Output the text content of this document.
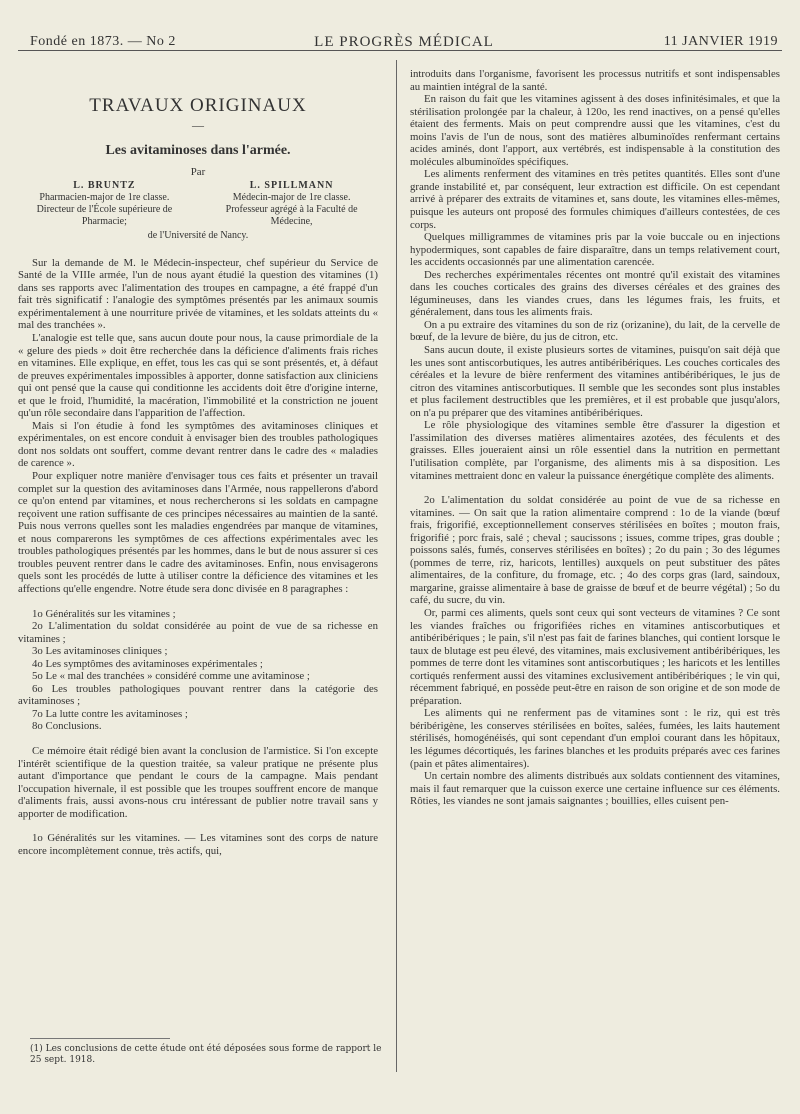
Fondé en 1873. — No 2	LE PROGRÈS MÉDICAL	11 JANVIER 1919
TRAVAUX ORIGINAUX
—
Les avitaminoses dans l'armée.
Par
L. BRUNTZ
Pharmacien-major de 1re classe.
Directeur de l'École supérieure de Pharmacie;
L. SPILLMANN
Médecin-major de 1re classe.
Professeur agrégé à la Faculté de Médecine,
de l'Université de Nancy.

Sur la demande de M. le Médecin-inspecteur, chef supérieur du Service de Santé de la VIIIe armée, l'un de nous ayant étudié la question des vitamines (1) dans ses rapports avec l'alimentation des troupes en campagne, a été frappé d'un fait très significatif : l'analogie des symptômes présentés par les animaux soumis expérimentalement à une nourriture privée de vitamines, et les soldats atteints du « mal des tranchées ».

L'analogie est telle que, sans aucun doute pour nous, la cause primordiale de la « gelure des pieds » doit être recherchée dans la déficience d'aliments frais riches en vitamines. Elle explique, en effet, tous les cas qui se sont présentés, et, à défaut de preuves expérimentales impossibles à apporter, donne satisfaction aux cliniciens qui ont pensé que la cause qui conditionne les accidents doit être d'origine interne, et que le froid, l'humidité, la macération, l'immobilité et la constriction ne jouent qu'un rôle secondaire dans l'apparition de l'affection.

Mais si l'on étudie à fond les symptômes des avitaminoses cliniques et expérimentales, on est encore conduit à envisager bien des troubles pathologiques dont nos soldats ont souffert, comme devant rentrer dans le cadre des « maladies de carence ».

Pour expliquer notre manière d'envisager tous ces faits et présenter un travail complet sur la question des avitaminoses dans l'Armée, nous rappellerons d'abord ce qu'on entend par vitamines, et nous rechercherons si les soldats en campagne reçoivent une ration suffisante de ces principes nécessaires au maintien de la santé. Puis nous verrons quelles sont les maladies engendrées par manque de vitamines, et nous comparerons les symptômes de ces affections expérimentales avec les troubles pathologiques présentés par les hommes, dans le but de nous assurer si ces troubles peuvent rentrer dans le cadre des avitaminoses. Enfin, nous envisagerons quels sont les procédés de lutte à utiliser contre la déficience des vitamines et les affections qu'elle engendre. Notre étude sera donc divisée en 8 paragraphes :

1o Généralités sur les vitamines ;

2o L'alimentation du soldat considérée au point de vue de sa richesse en vitamines ;

3o Les avitaminoses cliniques ;

4o Les symptômes des avitaminoses expérimentales ;

5o Le « mal des tranchées » considéré comme une avitaminose ;

6o Les troubles pathologiques pouvant rentrer dans la catégorie des avitaminoses ;

7o La lutte contre les avitaminoses ;

8o Conclusions.

Ce mémoire était rédigé bien avant la conclusion de l'armistice. Si l'on excepte l'intérêt scientifique de la question traitée, sa valeur pratique ne présente plus autant d'importance que pendant le cours de la campagne. Mais pendant l'occupation hivernale, il est possible que les troupes souffrent encore de manque d'aliments frais, aussi avons-nous cru intéressant de publier notre travail sans y apporter de modification.

1o Généralités sur les vitamines. — Les vitamines sont des corps de nature encore incomplètement connue, très actifs, qui,

(1) Les conclusions de cette étude ont été déposées sous forme de rapport le 25 sept. 1918.

introduits dans l'organisme, favorisent les processus nutritifs et sont indispensables au maintien intégral de la santé.

En raison du fait que les vitamines agissent à des doses infinitésimales, et que la stérilisation prolongée par la chaleur, à 120o, les rend inactives, on a pensé qu'elles étaient des ferments. Mais on peut comprendre aussi que les vitamines, c'est du moins l'avis de l'un de nous, sont des matières albuminoïdes renfermant certains acides aminés, dont l'apport, aux vertébrés, est indispensable à la constitution des molécules albuminoïdes spécifiques.

Les aliments renferment des vitamines en très petites quantités. Elles sont d'une grande instabilité et, par conséquent, leur extraction est difficile. On est cependant arrivé à préparer des extraits de vitamines et, sans doute, les vitamines elles-mêmes, puisque les auteurs ont proposé des formules chimiques d'ailleurs contestées, de ces corps.

Quelques milligrammes de vitamines pris par la voie buccale ou en injections hypodermiques, sont capables de faire disparaître, dans un temps relativement court, les accidents occasionnés par une alimentation carencée.

Des recherches expérimentales récentes ont montré qu'il existait des vitamines dans les couches corticales des grains des diverses céréales et des graines des légumineuses, dans les viandes crues, dans les légumes frais, les fruits, et généralement, dans tous les aliments frais.

On a pu extraire des vitamines du son de riz (orizanine), du lait, de la cervelle de bœuf, de la levure de bière, du jus de citron, etc.

Sans aucun doute, il existe plusieurs sortes de vitamines, puisqu'on sait déjà que les unes sont antiscorbutiques, les autres antibéribériques. Les couches corticales des céréales et la levure de bière renferment des vitamines antibéribériques, le jus de citron des vitamines antiscorbutiques. Il semble que les secondes sont plus instables et plus facilement destructibles que les premières, et il est probable que jusqu'alors, on n'a pu préparer que des vitamines antibéribériques.

Le rôle physiologique des vitamines semble être d'assurer la digestion et l'assimilation des diverses matières alimentaires azotées, des féculents et des graisses. Elles joueraient ainsi un rôle essentiel dans la nutrition en permettant l'utilisation complète, par l'organisme, des aliments mis à sa disposition. Les vitamines mettraient donc en valeur la puissance énergétique complète des aliments.

2o L'alimentation du soldat considérée au point de vue de sa richesse en vitamines. — On sait que la ration alimentaire comprend : 1o de la viande (bœuf frais, frigorifié, exceptionnellement conserves stérilisées en boîtes ; mouton frais, frigorifié ; porc frais, salé ; cheval ; saucissons ; issues, comme tripes, gras double ; poissons salés, fumés, conserves stérilisées en boîtes) ; 2o du pain ; 3o des légumes (pommes de terre, riz, haricots, lentilles) auxquels on peut substituer des pâtes alimentaires, de la confiture, du fromage, etc. ; 4o des corps gras (lard, saindoux, margarine, graisse alimentaire à base de graisse de bœuf et de beurre végétal) ; 5o du café, du sucre, du vin.

Or, parmi ces aliments, quels sont ceux qui sont vecteurs de vitamines ? Ce sont les viandes fraîches ou frigorifiées riches en vitamines antiscorbutiques et antibéribériques ; le pain, s'il n'est pas fait de farines blanches, qui contient lorsque le taux de blutage est peu élevé, des vitamines, mais exclusivement antibéribériques, les pommes de terre dont les vitamines sont antiscorbutiques ; les haricots et les lentilles cortiqués renferment aussi des vitamines exclusivement antibéribériques ; le vin qui, récemment fabriqué, en possède peut-être en raison de son origine et de son mode de préparation.

Les aliments qui ne renferment pas de vitamines sont : le riz, qui est très béribérigène, les conserves stérilisées en boîtes, salées, fumées, les laits hautement stérilisés, homogénéisés, qui sont cependant d'un emploi courant dans les hôpitaux, les légumes décortiqués, les farines blanches et les produits préparés avec ces farines (pain et pâtes alimentaires).

Un certain nombre des aliments distribués aux soldats contiennent des vitamines, mais il faut remarquer que la cuisson exerce une certaine influence sur ces éléments. Rôties, les viandes ne sont jamais saignantes ; bouillies, elles cuisent pen-
